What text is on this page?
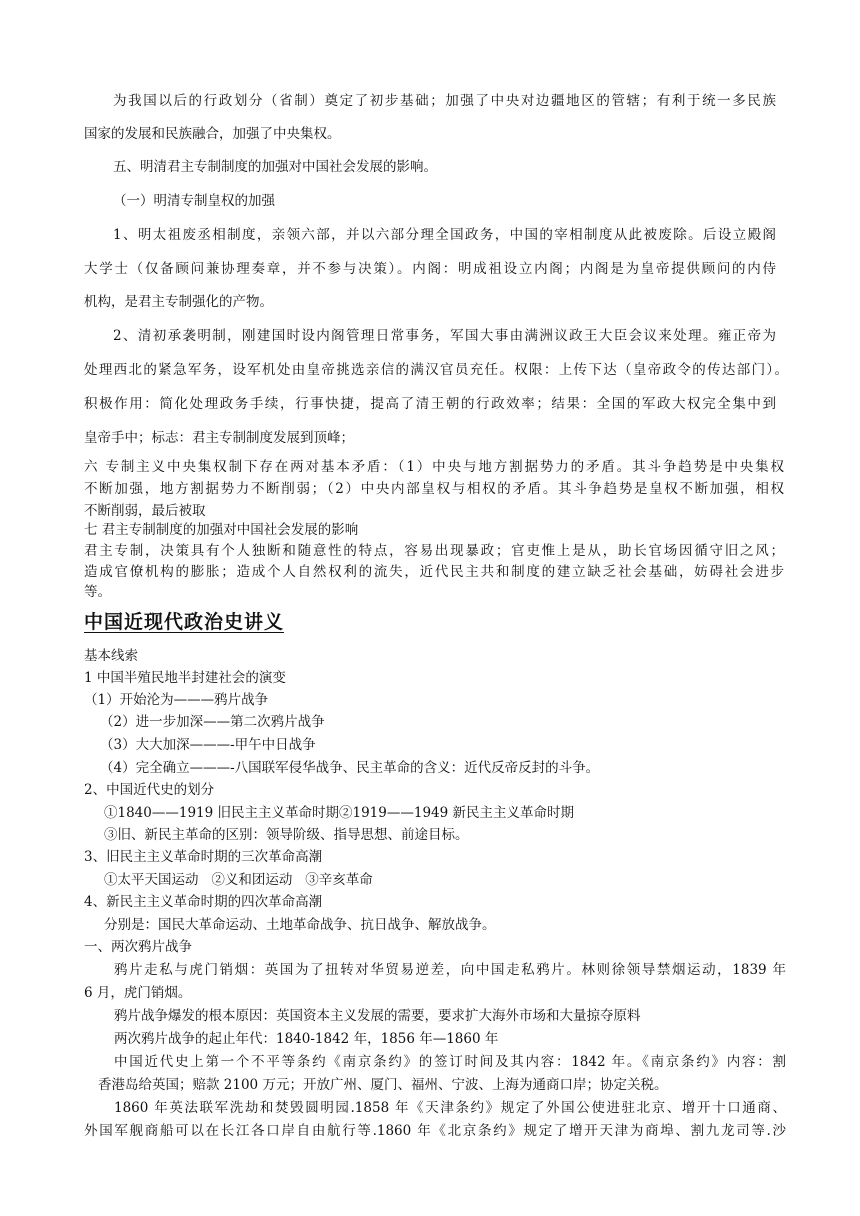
为我国以后的行政划分（省制）奠定了初步基础；加强了中央对边疆地区的管辖；有利于统一多民族
国家的发展和民族融合，加强了中央集权。
五、明清君主专制制度的加强对中国社会发展的影响。
（一）明清专制皇权的加强
1、明太祖废丞相制度，亲领六部，并以六部分理全国政务，中国的宰相制度从此被废除。后设立殿阁
大学士（仅备顾问兼协理奏章，并不参与决策）。内阁：明成祖设立内阁；内阁是为皇帝提供顾问的内侍
机构，是君主专制强化的产物。
2、清初承袭明制，刚建国时设内阁管理日常事务，军国大事由满洲议政王大臣会议来处理。雍正帝为
处理西北的紧急军务，设军机处由皇帝挑选亲信的满汉官员充任。权限：上传下达（皇帝政令的传达部门）。
积极作用：简化处理政务手续，行事快捷，提高了清王朝的行政效率；结果：全国的军政大权完全集中到
皇帝手中；标志：君主专制制度发展到顶峰；
六 专制主义中央集权制下存在两对基本矛盾：（1）中央与地方割据势力的矛盾。其斗争趋势是中央集权
不断加强，地方割据势力不断削弱；（2）中央内部皇权与相权的矛盾。其斗争趋势是皇权不断加强，相权
不断削弱，最后被取
七 君主专制制度的加强对中国社会发展的影响
君主专制，决策具有个人独断和随意性的特点，容易出现暴政；官吏惟上是从，助长官场因循守旧之风；
造成官僚机构的膨胀；造成个人自然权利的流失，近代民主共和制度的建立缺乏社会基础，妨碍社会进步
等。
中国近现代政治史讲义
基本线索
1 中国半殖民地半封建社会的演变
（1）开始沦为———鸦片战争
（2）进一步加深——第二次鸦片战争
（3）大大加深———-甲午中日战争
（4）完全确立———-八国联军侵华战争、民主革命的含义：近代反帝反封的斗争。
2、中国近代史的划分
①1840——1919 旧民主主义革命时期②1919——1949 新民主主义革命时期
③旧、新民主革命的区别：领导阶级、指导思想、前途目标。
3、旧民主主义革命时期的三次革命高潮
①太平天国运动   ②义和团运动   ③辛亥革命
4、新民主主义革命时期的四次革命高潮
分别是：国民大革命运动、土地革命战争、抗日战争、解放战争。
一、两次鸦片战争
鸦片走私与虎门销烟：英国为了扭转对华贸易逆差，向中国走私鸦片。林则徐领导禁烟运动，1839 年
6 月，虎门销烟。
鸦片战争爆发的根本原因：英国资本主义发展的需要，要求扩大海外市场和大量掠夺原料
两次鸦片战争的起止年代：1840-1842 年，1856 年—1860 年
中国近代史上第一个不平等条约《南京条约》的签订时间及其内容：1842 年。《南京条约》内容：割
香港岛给英国；赔款 2100 万元；开放广州、厦门、福州、宁波、上海为通商口岸；协定关税。
1860 年英法联军洗劫和焚毁圆明园.1858 年《天津条约》规定了外国公使进驻北京、增开十口通商、
外国军舰商船可以在长江各口岸自由航行等.1860 年《北京条约》规定了增开天津为商埠、割九龙司等.沙
